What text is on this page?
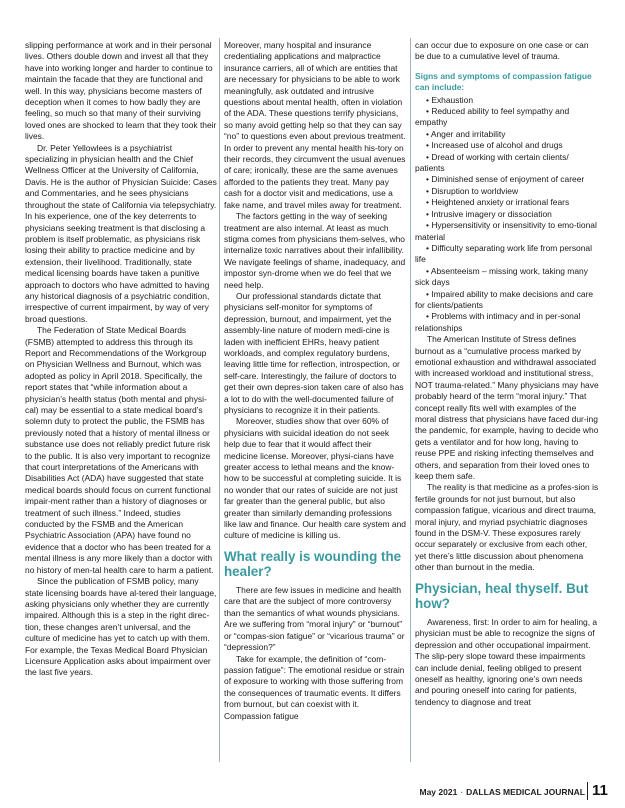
slipping performance at work and in their personal lives. Others double down and invest all that they have into working longer and harder to continue to maintain the facade that they are functional and well. In this way, physicians become masters of deception when it comes to how badly they are feeling, so much so that many of their surviving loved ones are shocked to learn that they took their lives.

Dr. Peter Yellowlees is a psychiatrist specializing in physician health and the Chief Wellness Officer at the University of California, Davis. He is the author of Physician Suicide: Cases and Commentaries, and he sees physicians throughout the state of California via telepsychiatry. In his experience, one of the key deterrents to physicians seeking treatment is that disclosing a problem is itself problematic, as physicians risk losing their ability to practice medicine and by extension, their livelihood. Traditionally, state medical licensing boards have taken a punitive approach to doctors who have admitted to having any historical diagnosis of a psychiatric condition, irrespective of current impairment, by way of very broad questions.

The Federation of State Medical Boards (FSMB) attempted to address this through its Report and Recommendations of the Workgroup on Physician Wellness and Burnout, which was adopted as policy in April 2018. Specifically, the report states that “while information about a physician’s health status (both mental and physi-cal) may be essential to a state medical board’s solemn duty to protect the public, the FSMB has previously noted that a history of mental illness or substance use does not reliably predict future risk to the public. It is also very important to recognize that court interpretations of the Americans with Disabilities Act (ADA) have suggested that state medical boards should focus on current functional impair-ment rather than a history of diagnoses or treatment of such illness.” Indeed, studies conducted by the FSMB and the American Psychiatric Association (APA) have found no evidence that a doctor who has been treated for a mental illness is any more likely than a doctor with no history of men-tal health care to harm a patient.

Since the publication of FSMB policy, many state licensing boards have al-tered their language, asking physicians only whether they are currently impaired. Although this is a step in the right direc-tion, these changes aren’t universal, and the culture of medicine has yet to catch up with them. For example, the Texas Medical Board Physician Licensure Application asks about impairment over the last five years.

Moreover, many hospital and insurance credentialing applications and malpractice insurance carriers, all of which are entities that are necessary for physicians to be able to work meaningfully, ask outdated and intrusive questions about mental health, often in violation of the ADA. These questions terrify physicians, so many avoid getting help so that they can say “no” to questions even about previous treatment. In order to prevent any mental health his-tory on their records, they circumvent the usual avenues of care; ironically, these are the same avenues afforded to the patients they treat. Many pay cash for a doctor visit and medications, use a fake name, and travel miles away for treatment.

The factors getting in the way of seeking treatment are also internal. At least as much stigma comes from physicians them-selves, who internalize toxic narratives about their infallibility. We navigate feelings of shame, inadequacy, and impostor syn-drome when we do feel that we need help.

Our professional standards dictate that physicians self-monitor for symptoms of depression, burnout, and impairment, yet the assembly-line nature of modern medi-cine is laden with inefficient EHRs, heavy patient workloads, and complex regulatory burdens, leaving little time for reflection, introspection, or self-care. Interestingly, the failure of doctors to get their own depres-sion taken care of also has a lot to do with the well-documented failure of physicians to recognize it in their patients.

Moreover, studies show that over 60% of physicians with suicidal ideation do not seek help due to fear that it would affect their medicine license. Moreover, physi-cians have greater access to lethal means and the know-how to be successful at completing suicide. It is no wonder that our rates of suicide are not just far greater than the general public, but also greater than similarly demanding professions like law and finance. Our health care system and culture of medicine is killing us.

What really is wounding the healer?

There are few issues in medicine and health care that are the subject of more controversy than the semantics of what wounds physicians. Are we suffering from “moral injury” or “burnout” or “compas-sion fatigue” or “vicarious trauma” or “depression?”

Take for example, the definition of “com-passion fatigue”: The emotional residue or strain of exposure to working with those suffering from the consequences of traumatic events. It differs from burnout, but can coexist with it. Compassion fatigue

can occur due to exposure on one case or can be due to a cumulative level of trauma.

Signs and symptoms of compassion fatigue can include:
• Exhaustion
• Reduced ability to feel sympathy and empathy
• Anger and irritability
• Increased use of alcohol and drugs
• Dread of working with certain clients/ patients
• Diminished sense of enjoyment of career
• Disruption to worldview
• Heightened anxiety or irrational fears
• Intrusive imagery or dissociation
• Hypersensitivity or insensitivity to emo-tional material
• Difficulty separating work life from personal life
• Absenteeism – missing work, taking many sick days
• Impaired ability to make decisions and care for clients/patients
• Problems with intimacy and in per-sonal relationships

The American Institute of Stress defines burnout as a “cumulative process marked by emotional exhaustion and withdrawal associated with increased workload and institutional stress, NOT trauma-related.” Many physicians may have probably heard of the term “moral injury.” That concept really fits well with examples of the moral distress that physicians have faced dur-ing the pandemic, for example, having to decide who gets a ventilator and for how long, having to reuse PPE and risking infecting themselves and others, and separation from their loved ones to keep them safe.

The reality is that medicine as a profes-sion is fertile grounds for not just burnout, but also compassion fatigue, vicarious and direct trauma, moral injury, and myriad psychiatric diagnoses found in the DSM-V. These exposures rarely occur separately or exclusive from each other, yet there’s little discussion about phenomena other than burnout in the media.

Physician, heal thyself. But how?

Awareness, first: In order to aim for healing, a physician must be able to recognize the signs of depression and other occupational impairment. The slip-pery slope toward these impairments can include denial, feeling obliged to present oneself as healthy, ignoring one’s own needs and pouring oneself into caring for patients, tendency to diagnose and treat

May 2021 · DALLAS MEDICAL JOURNAL 11
